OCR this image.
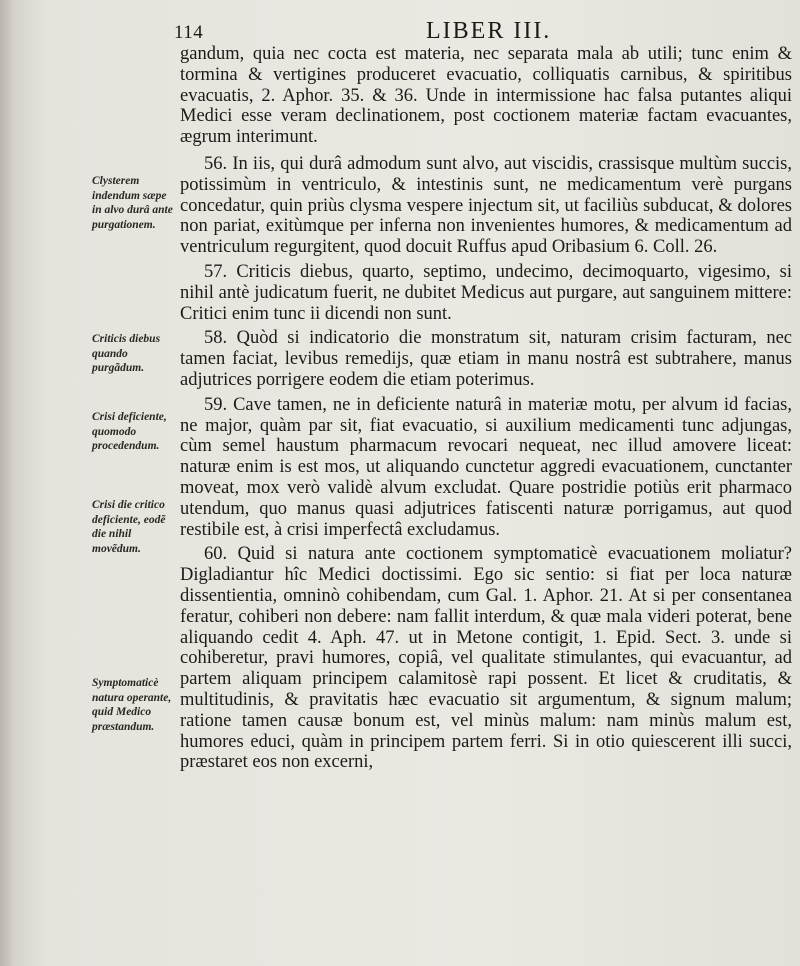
114	LIBER III.
Clysterem indendum sæpe in alvo durâ ante purgationem.
Criticis diebus quando purgãdum.
Crisi deficiente, quomodo procedendum.
Crisi die critico deficiente, eodẽ die nihil movẽdum.
Symptomaticè natura operante, quid Medico præstandum.

gandum, quia nec cocta est materia, nec separata mala ab utili; tunc enim & tormina & vertigines produceret evacuatio, colliquatis carnibus, & spiritibus evacuatis, 2. Aphor. 35. & 36. Unde in intermissione hac falsa putantes aliqui Medici esse veram declinationem, post coctionem materiæ factam evacuantes, ægrum interimunt.

56. In iis, qui durâ admodum sunt alvo, aut viscidis, crassisque multùm succis, potissimùm in ventriculo, & intestinis sunt, ne medicamentum verè purgans concedatur, quin priùs clysma vespere injectum sit, ut faciliùs subducat, & dolores non pariat, exitùmque per inferna non invenientes humores, & medicamentum ad ventriculum regurgitent, quod docuit Ruffus apud Oribasium 6. Coll. 26.

57. Criticis diebus, quarto, septimo, undecimo, decimoquarto, vigesimo, si nihil antè judicatum fuerit, ne dubitet Medicus aut purgare, aut sanguinem mittere: Critici enim tunc ii dicendi non sunt.

58. Quòd si indicatorio die monstratum sit, naturam crisim facturam, nec tamen faciat, levibus remedijs, quæ etiam in manu nostrâ est subtrahere, manus adjutrices porrigere eodem die etiam poterimus.

59. Cave tamen, ne in deficiente naturâ in materiæ motu, per alvum id facias, ne major, quàm par sit, fiat evacuatio, si auxilium medicamenti tunc adjungas, cùm semel haustum pharmacum revocari nequeat, nec illud amovere liceat: naturæ enim is est mos, ut aliquando cunctetur aggredi evacuationem, cunctanter moveat, mox verò validè alvum excludat. Quare postridie potiùs erit pharmaco utendum, quo manus quasi adjutrices fatiscenti naturæ porrigamus, aut quod restibile est, à crisi imperfectâ excludamus.

60. Quid si natura ante coctionem symptomaticè evacuationem moliatur? Digladiantur hîc Medici doctissimi. Ego sic sentio: si fiat per loca naturæ dissentientia, omninò cohibendam, cum Gal. 1. Aphor. 21. At si per consentanea feratur, cohiberi non debere: nam fallit interdum, & quæ mala videri poterat, bene aliquando cedit 4. Aph. 47. ut in Metone contigit, 1. Epid. Sect. 3. unde si cohiberetur, pravi humores, copiâ, vel qualitate stimulantes, qui evacuantur, ad partem aliquam principem calamitosè rapi possent. Et licet & cruditatis, & multitudinis, & pravitatis hæc evacuatio sit argumentum, & signum malum; ratione tamen causæ bonum est, vel minùs malum: nam minùs malum est, humores educi, quàm in principem partem ferri. Si in otio quiescerent illi succi, præstaret eos non excerni,
